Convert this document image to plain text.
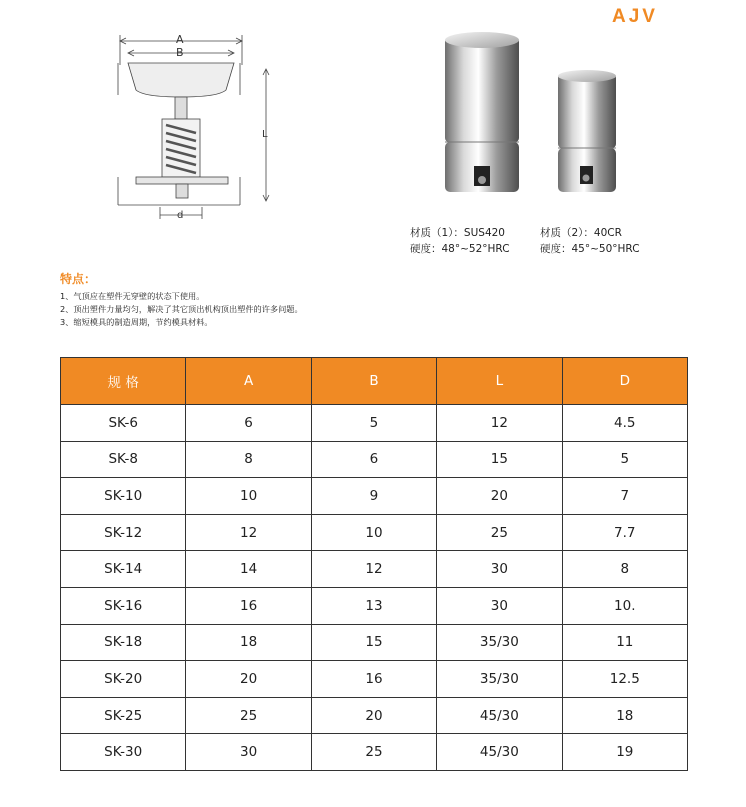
AJV
A
B
L
d
材质（1）：SUS420	材质（2）：40CR
硬度：48°~52°HRC	硬度：45°~50°HRC
特点：
1、气顶应在塑件无穿壁的状态下使用。
2、顶出塑件力量均匀，解决了其它顶出机构顶出塑件的许多问题。
3、缩短模具的制造周期，节约模具材料。
规 格	A	B	L	D
SK-6	6	5	12	4.5
SK-8	8	6	15	5
SK-10	10	9	20	7
SK-12	12	10	25	7.7
SK-14	14	12	30	8
SK-16	16	13	30	10.
SK-18	18	15	35/30	11
SK-20	20	16	35/30	12.5
SK-25	25	20	45/30	18
SK-30	30	25	45/30	19
